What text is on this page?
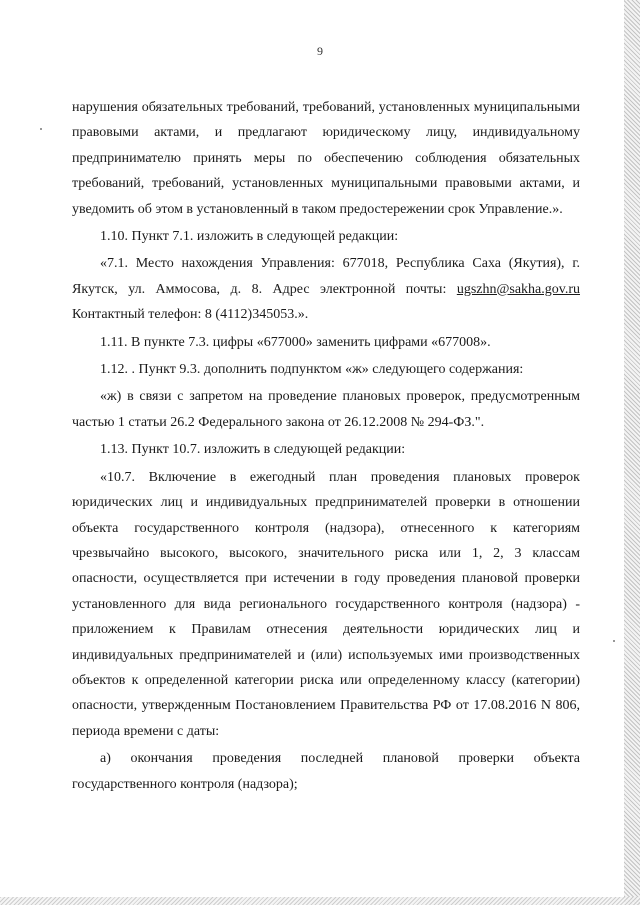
9

нарушения обязательных требований, требований, установленных муниципальными правовыми актами, и предлагают юридическому лицу, индивидуальному предпринимателю принять меры по обеспечению соблюдения обязательных требований, требований, установленных муниципальными правовыми актами, и уведомить об этом в установленный в таком предостережении срок Управление.».

1.10. Пункт 7.1. изложить в следующей редакции:

«7.1. Место нахождения Управления: 677018, Республика Саха (Якутия), г. Якутск, ул. Аммосова, д. 8. Адрес электронной почты: ugszhn@sakha.gov.ru Контактный телефон: 8 (4112)345053.».

1.11. В пункте 7.3. цифры «677000» заменить цифрами «677008».

1.12. . Пункт 9.3. дополнить подпунктом «ж» следующего содержания:

«ж) в связи с запретом на проведение плановых проверок, предусмотренным частью 1 статьи 26.2 Федерального закона от 26.12.2008 № 294-ФЗ.".

1.13. Пункт 10.7. изложить в следующей редакции:

«10.7. Включение в ежегодный план проведения плановых проверок юридических лиц и индивидуальных предпринимателей проверки в отношении объекта государственного контроля (надзора), отнесенного к категориям чрезвычайно высокого, высокого, значительного риска или 1, 2, 3 классам опасности, осуществляется при истечении в году проведения плановой проверки установленного для вида регионального государственного контроля (надзора) - приложением к Правилам отнесения деятельности юридических лиц и индивидуальных предпринимателей и (или) используемых ими производственных объектов к определенной категории риска или определенному классу (категории) опасности, утвержденным Постановлением Правительства РФ от 17.08.2016 N 806, периода времени с даты:

а) окончания проведения последней плановой проверки объекта государственного контроля (надзора);
